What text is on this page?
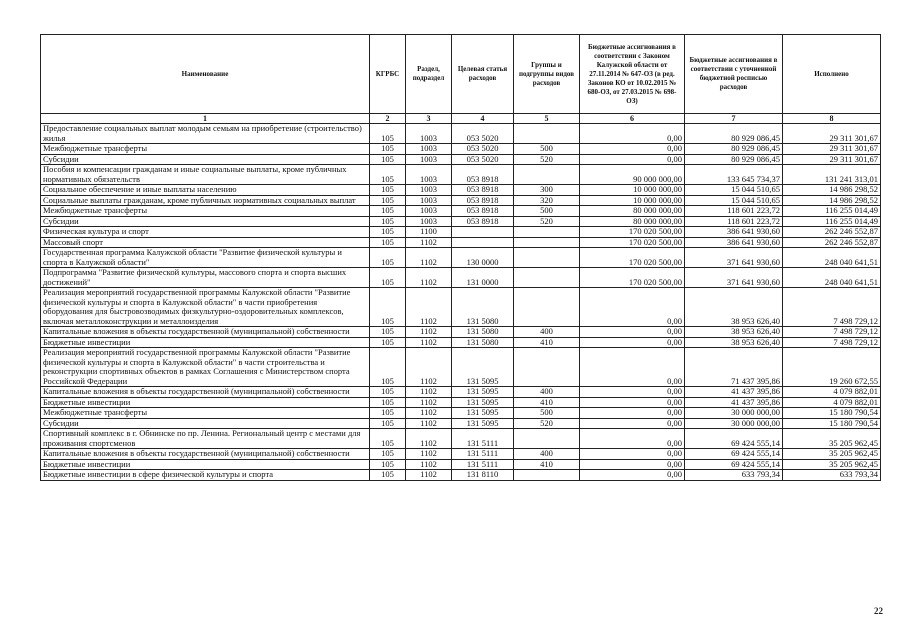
Наименование	КГРБС	Раздел, подраздел	Целевая статья расходов	Группы и подгруппы видов расходов	Бюджетные ассигнования в соответствии с Законом Калужской области от 27.11.2014 № 647-ОЗ (в ред. Законов КО от 10.02.2015 № 680-ОЗ, от 27.03.2015 № 698-ОЗ)	Бюджетные ассигнования в соответствии с уточненной бюджетной росписью расходов	Исполнено
1	2	3	4	5	6	7	8
Предоставление социальных выплат молодым семьям на приобретение (строительство) жилья	105	1003	053 5020		0,00	80 929 086,45	29 311 301,67
Межбюджетные трансферты	105	1003	053 5020	500	0,00	80 929 086,45	29 311 301,67
Субсидии	105	1003	053 5020	520	0,00	80 929 086,45	29 311 301,67
Пособия и компенсации гражданам и иные социальные выплаты, кроме публичных нормативных обязательств	105	1003	053 8918		90 000 000,00	133 645 734,37	131 241 313,01
Социальное обеспечение и иные выплаты населению	105	1003	053 8918	300	10 000 000,00	15 044 510,65	14 986 298,52
Социальные выплаты гражданам, кроме публичных нормативных социальных выплат	105	1003	053 8918	320	10 000 000,00	15 044 510,65	14 986 298,52
Межбюджетные трансферты	105	1003	053 8918	500	80 000 000,00	118 601 223,72	116 255 014,49
Субсидии	105	1003	053 8918	520	80 000 000,00	118 601 223,72	116 255 014,49
Физическая культура и спорт	105	1100			170 020 500,00	386 641 930,60	262 246 552,87
Массовый спорт	105	1102			170 020 500,00	386 641 930,60	262 246 552,87
Государственная программа Калужской области "Развитие физической культуры и спорта в Калужской области"	105	1102	130 0000		170 020 500,00	371 641 930,60	248 040 641,51
Подпрограмма "Развитие физической культуры, массового спорта и спорта высших достижений"	105	1102	131 0000		170 020 500,00	371 641 930,60	248 040 641,51
Реализация мероприятий государственной программы Калужской области "Развитие физической культуры и спорта в Калужской области" в части приобретения оборудования для быстровозводимых физкультурно-оздоровительных комплексов, включая металлоконструкции и металлоизделия	105	1102	131 5080		0,00	38 953 626,40	7 498 729,12
Капитальные вложения в объекты государственной (муниципальной) собственности	105	1102	131 5080	400	0,00	38 953 626,40	7 498 729,12
Бюджетные инвестиции	105	1102	131 5080	410	0,00	38 953 626,40	7 498 729,12
Реализация мероприятий государственной программы Калужской области "Развитие физической культуры и спорта в Калужской области" в части строительства и реконструкции спортивных объектов в рамках Соглашения с Министерством спорта Российской Федерации	105	1102	131 5095		0,00	71 437 395,86	19 260 672,55
Капитальные вложения в объекты государственной (муниципальной) собственности	105	1102	131 5095	400	0,00	41 437 395,86	4 079 882,01
Бюджетные инвестиции	105	1102	131 5095	410	0,00	41 437 395,86	4 079 882,01
Межбюджетные трансферты	105	1102	131 5095	500	0,00	30 000 000,00	15 180 790,54
Субсидии	105	1102	131 5095	520	0,00	30 000 000,00	15 180 790,54
Спортивный комплекс в г. Обнинске по пр. Ленина. Региональный центр с местами для проживания спортсменов	105	1102	131 5111		0,00	69 424 555,14	35 205 962,45
Капитальные вложения в объекты государственной (муниципальной) собственности	105	1102	131 5111	400	0,00	69 424 555,14	35 205 962,45
Бюджетные инвестиции	105	1102	131 5111	410	0,00	69 424 555,14	35 205 962,45
Бюджетные инвестиции в сфере физической культуры и спорта	105	1102	131 8110		0,00	633 793,34	633 793,34
22
